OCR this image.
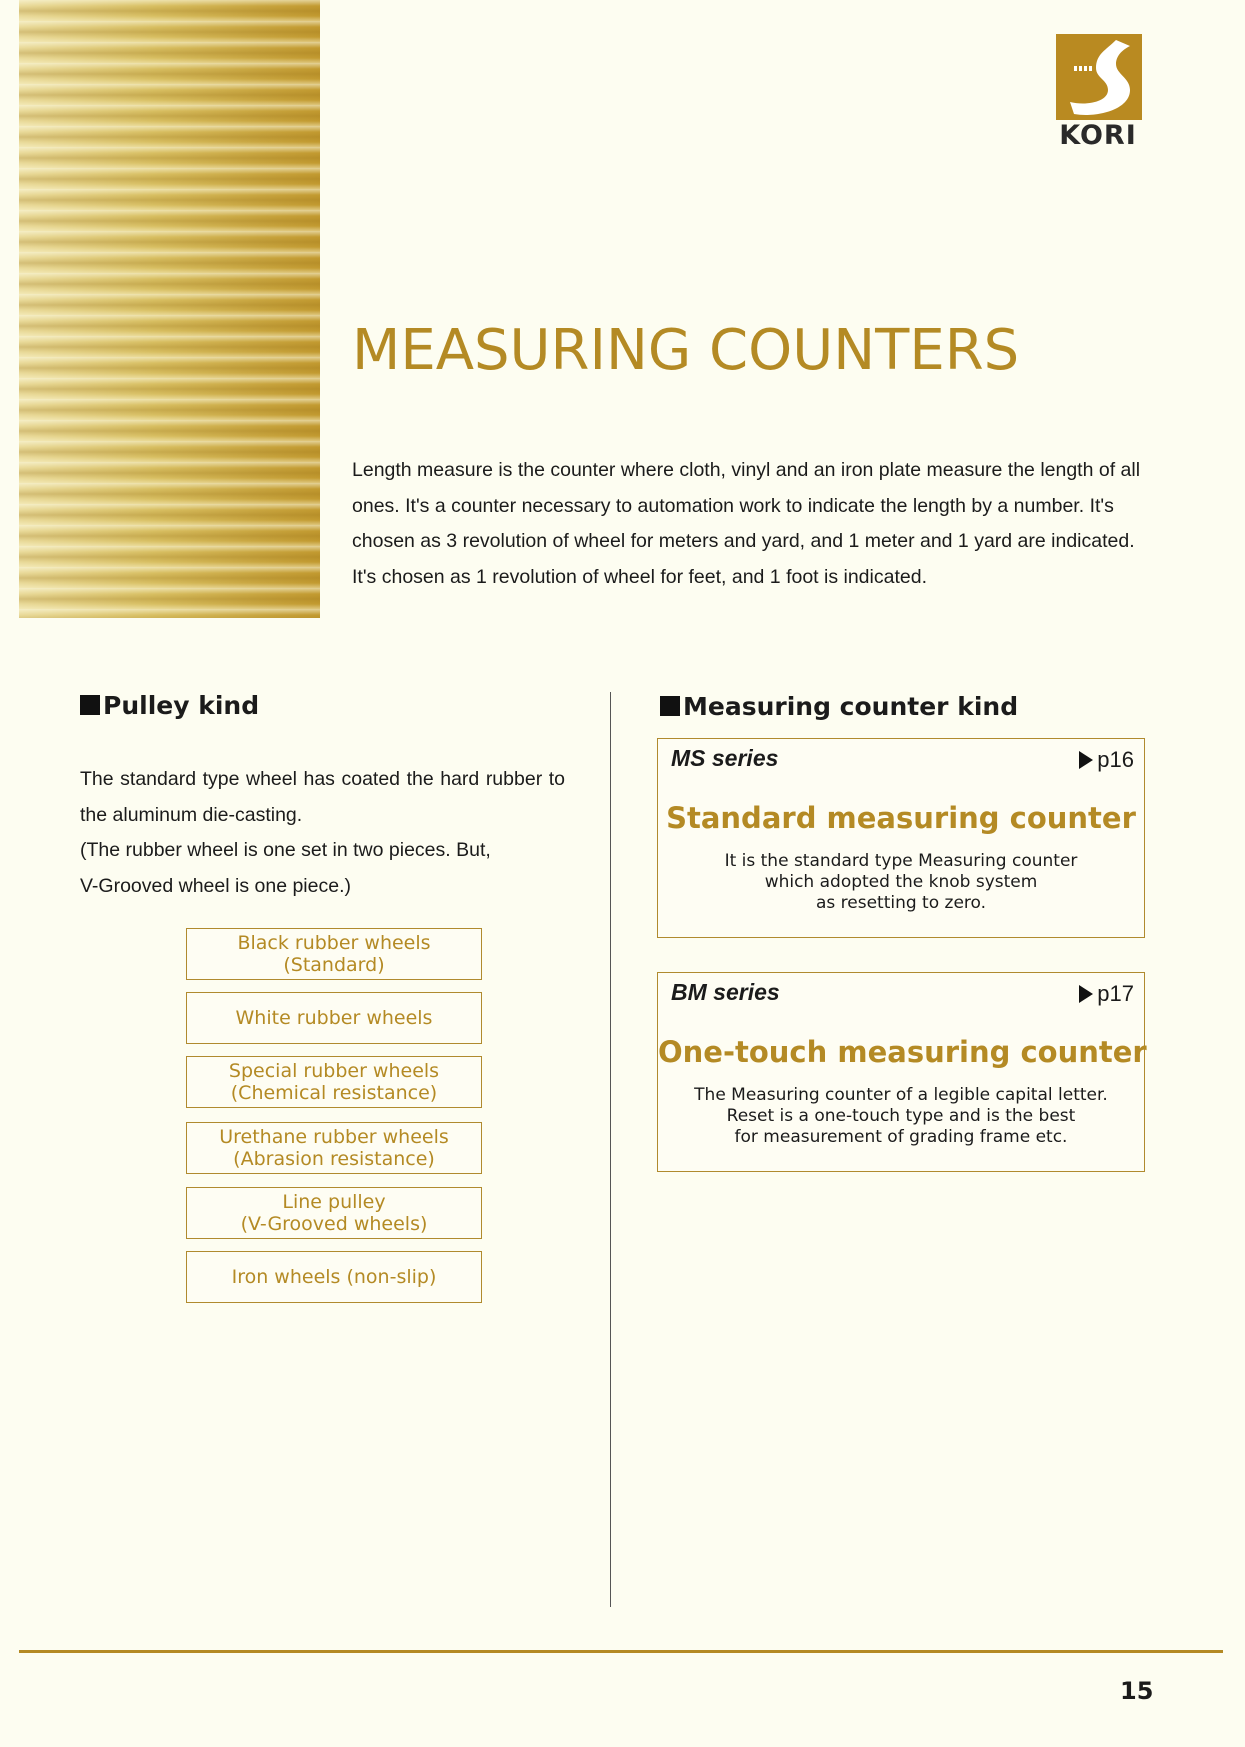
KORI
MEASURING COUNTERS

Length measure is the counter where cloth, vinyl and an iron plate measure the length of all ones. It's a counter necessary to automation work to indicate the length by a number. It's chosen as 3 revolution of wheel for meters and yard, and 1 meter and 1 yard are indicated. It's chosen as 1 revolution of wheel for feet, and 1 foot is indicated.

Pulley kind
The standard type wheel has coated the hard rubber to the aluminum die-casting.
(The rubber wheel is one set in two pieces. But,
V-Grooved wheel is one piece.)
Black rubber wheels
(Standard)
White rubber wheels
Special rubber wheels
(Chemical resistance)
Urethane rubber wheels
(Abrasion resistance)
Line pulley
(V-Grooved wheels)
Iron wheels (non-slip)
Measuring counter kind
MS series	p16
Standard measuring counter
It is the standard type Measuring counter
which adopted the knob system
as resetting to zero.
BM series	p17
One-touch measuring counter
The Measuring counter of a legible capital letter.
Reset is a one-touch type and is the best
for measurement of grading frame etc.
15
